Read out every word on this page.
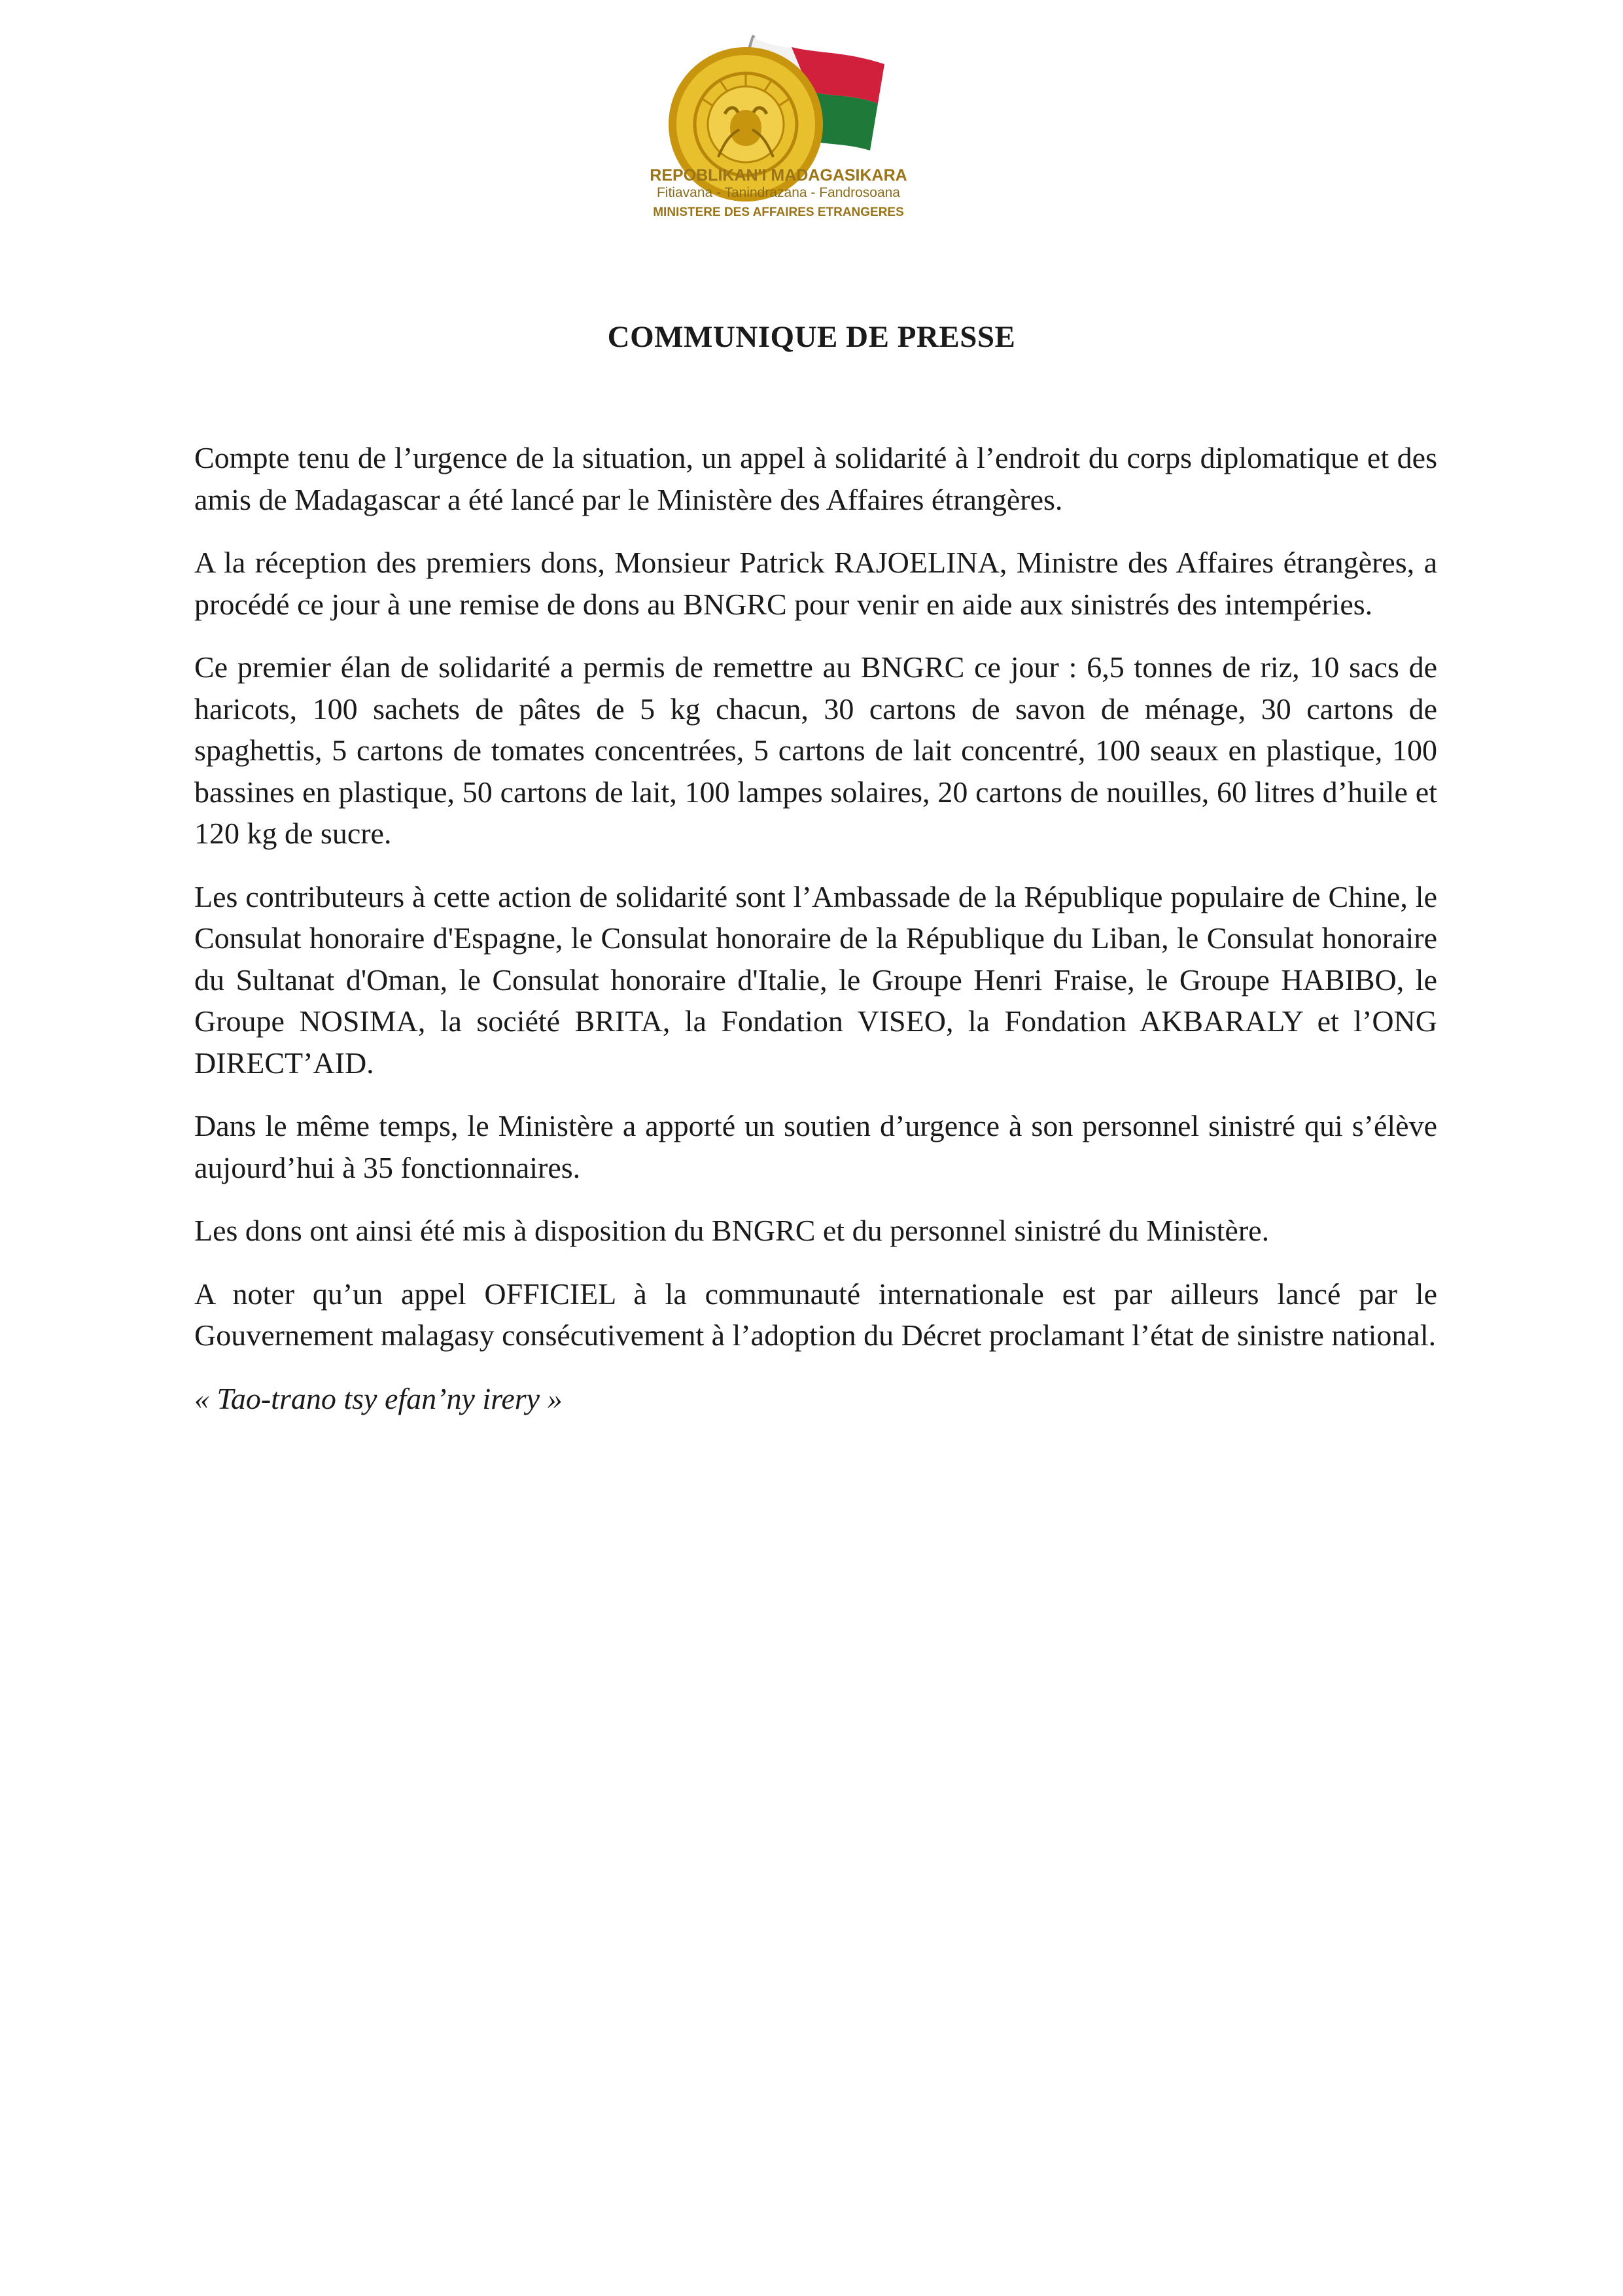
REPOBLIKAN'I MADAGASIKARA
Fitiavana - Tanindrazana - Fandrosoana
MINISTERE DES AFFAIRES ETRANGERES
COMMUNIQUE DE PRESSE

Compte tenu de l’urgence de la situation, un appel à solidarité à l’endroit du corps diplomatique et des amis de Madagascar a été lancé par le Ministère des Affaires étrangères.

A la réception des premiers dons, Monsieur Patrick RAJOELINA, Ministre des Affaires étrangères, a procédé ce jour à une remise de dons au BNGRC pour venir en aide aux sinistrés des intempéries.

Ce premier élan de solidarité a permis de remettre au BNGRC ce jour : 6,5 tonnes de riz, 10 sacs de haricots, 100 sachets de pâtes de 5 kg chacun, 30 cartons de savon de ménage, 30 cartons de spaghettis, 5 cartons de tomates concentrées, 5 cartons de lait concentré, 100 seaux en plastique, 100 bassines en plastique, 50 cartons de lait, 100 lampes solaires, 20 cartons de nouilles, 60 litres d’huile et 120 kg de sucre.

Les contributeurs à cette action de solidarité sont l’Ambassade de la République populaire de Chine, le Consulat honoraire d'Espagne, le Consulat honoraire de la République du Liban, le Consulat honoraire du Sultanat d'Oman, le Consulat honoraire d'Italie, le Groupe Henri Fraise, le Groupe HABIBO, le Groupe NOSIMA, la société BRITA, la Fondation VISEO, la Fondation AKBARALY et l’ONG DIRECT’AID.

Dans le même temps, le Ministère a apporté un soutien d’urgence à son personnel sinistré qui s’élève aujourd’hui à 35 fonctionnaires.

Les dons ont ainsi été mis à disposition du BNGRC et du personnel sinistré du Ministère.

A noter qu’un appel OFFICIEL à la communauté internationale est par ailleurs lancé par le Gouvernement malagasy consécutivement à l’adoption du Décret proclamant l’état de sinistre national.

« Tao-trano tsy efan’ny irery »
